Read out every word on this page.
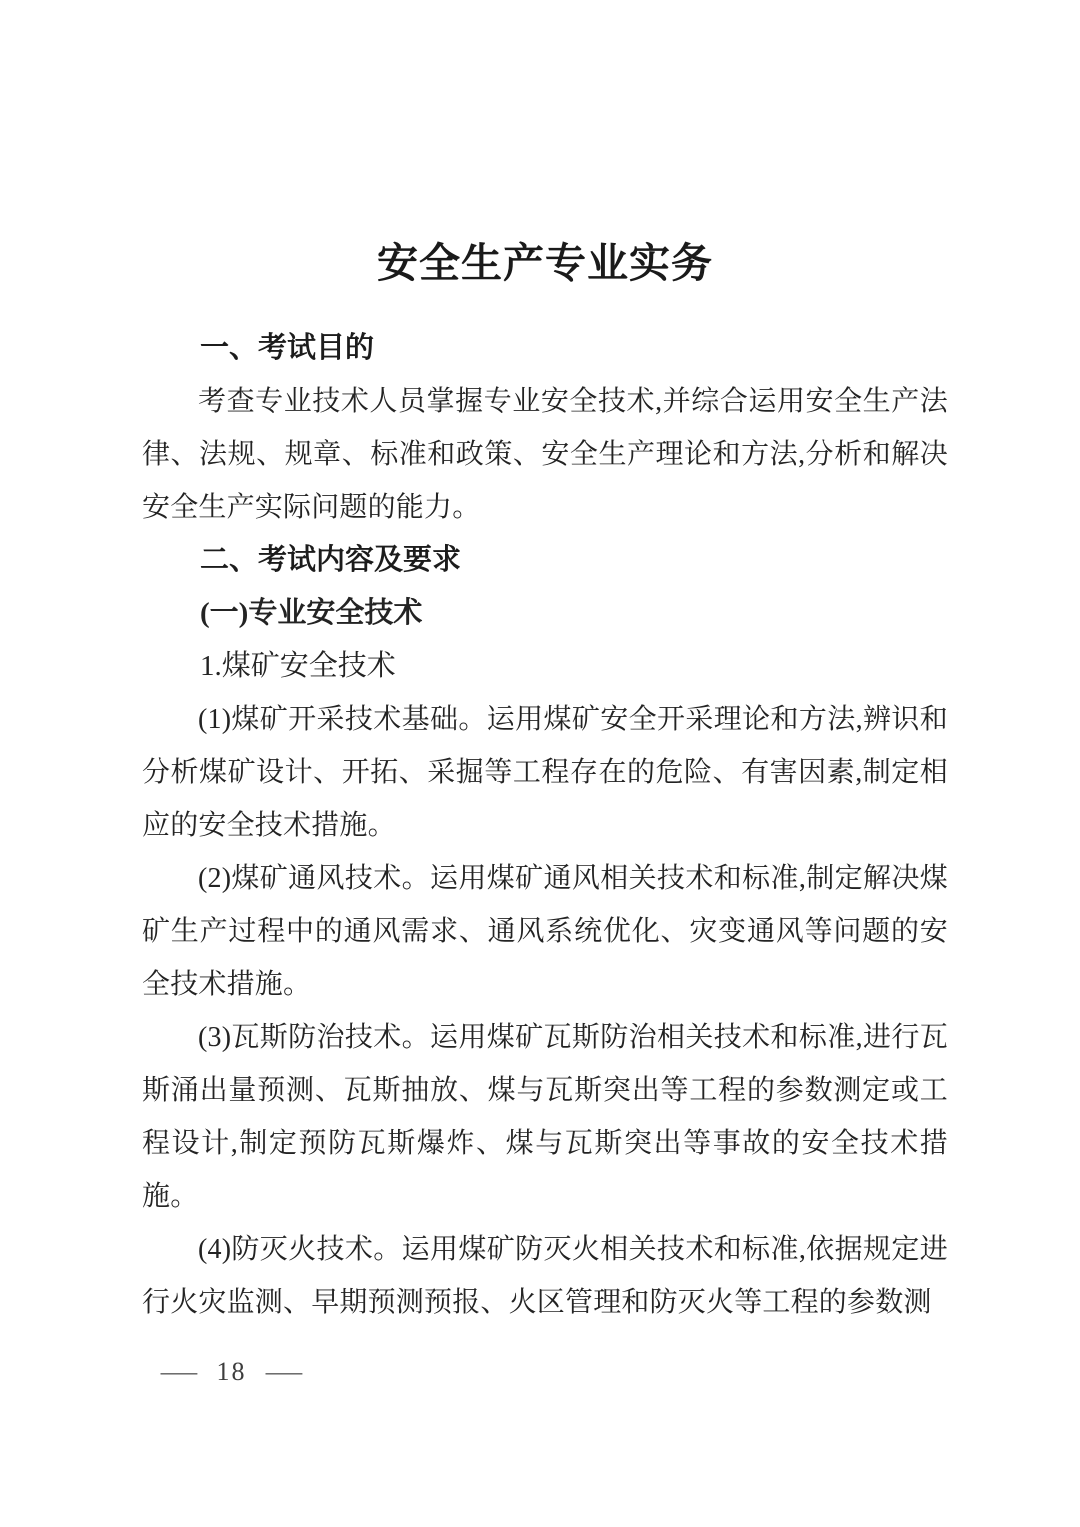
安全生产专业实务
一、考试目的

考查专业技术人员掌握专业安全技术,并综合运用安全生产法律、法规、规章、标准和政策、安全生产理论和方法,分析和解决安全生产实际问题的能力。

二、考试内容及要求
(一)专业安全技术
1.煤矿安全技术

(1)煤矿开采技术基础。运用煤矿安全开采理论和方法,辨识和分析煤矿设计、开拓、采掘等工程存在的危险、有害因素,制定相应的安全技术措施。

(2)煤矿通风技术。运用煤矿通风相关技术和标准,制定解决煤矿生产过程中的通风需求、通风系统优化、灾变通风等问题的安全技术措施。

(3)瓦斯防治技术。运用煤矿瓦斯防治相关技术和标准,进行瓦斯涌出量预测、瓦斯抽放、煤与瓦斯突出等工程的参数测定或工程设计,制定预防瓦斯爆炸、煤与瓦斯突出等事故的安全技术措施。

(4)防灭火技术。运用煤矿防灭火相关技术和标准,依据规定进行火灾监测、早期预测预报、火区管理和防灭火等工程的参数测

— 18 —
